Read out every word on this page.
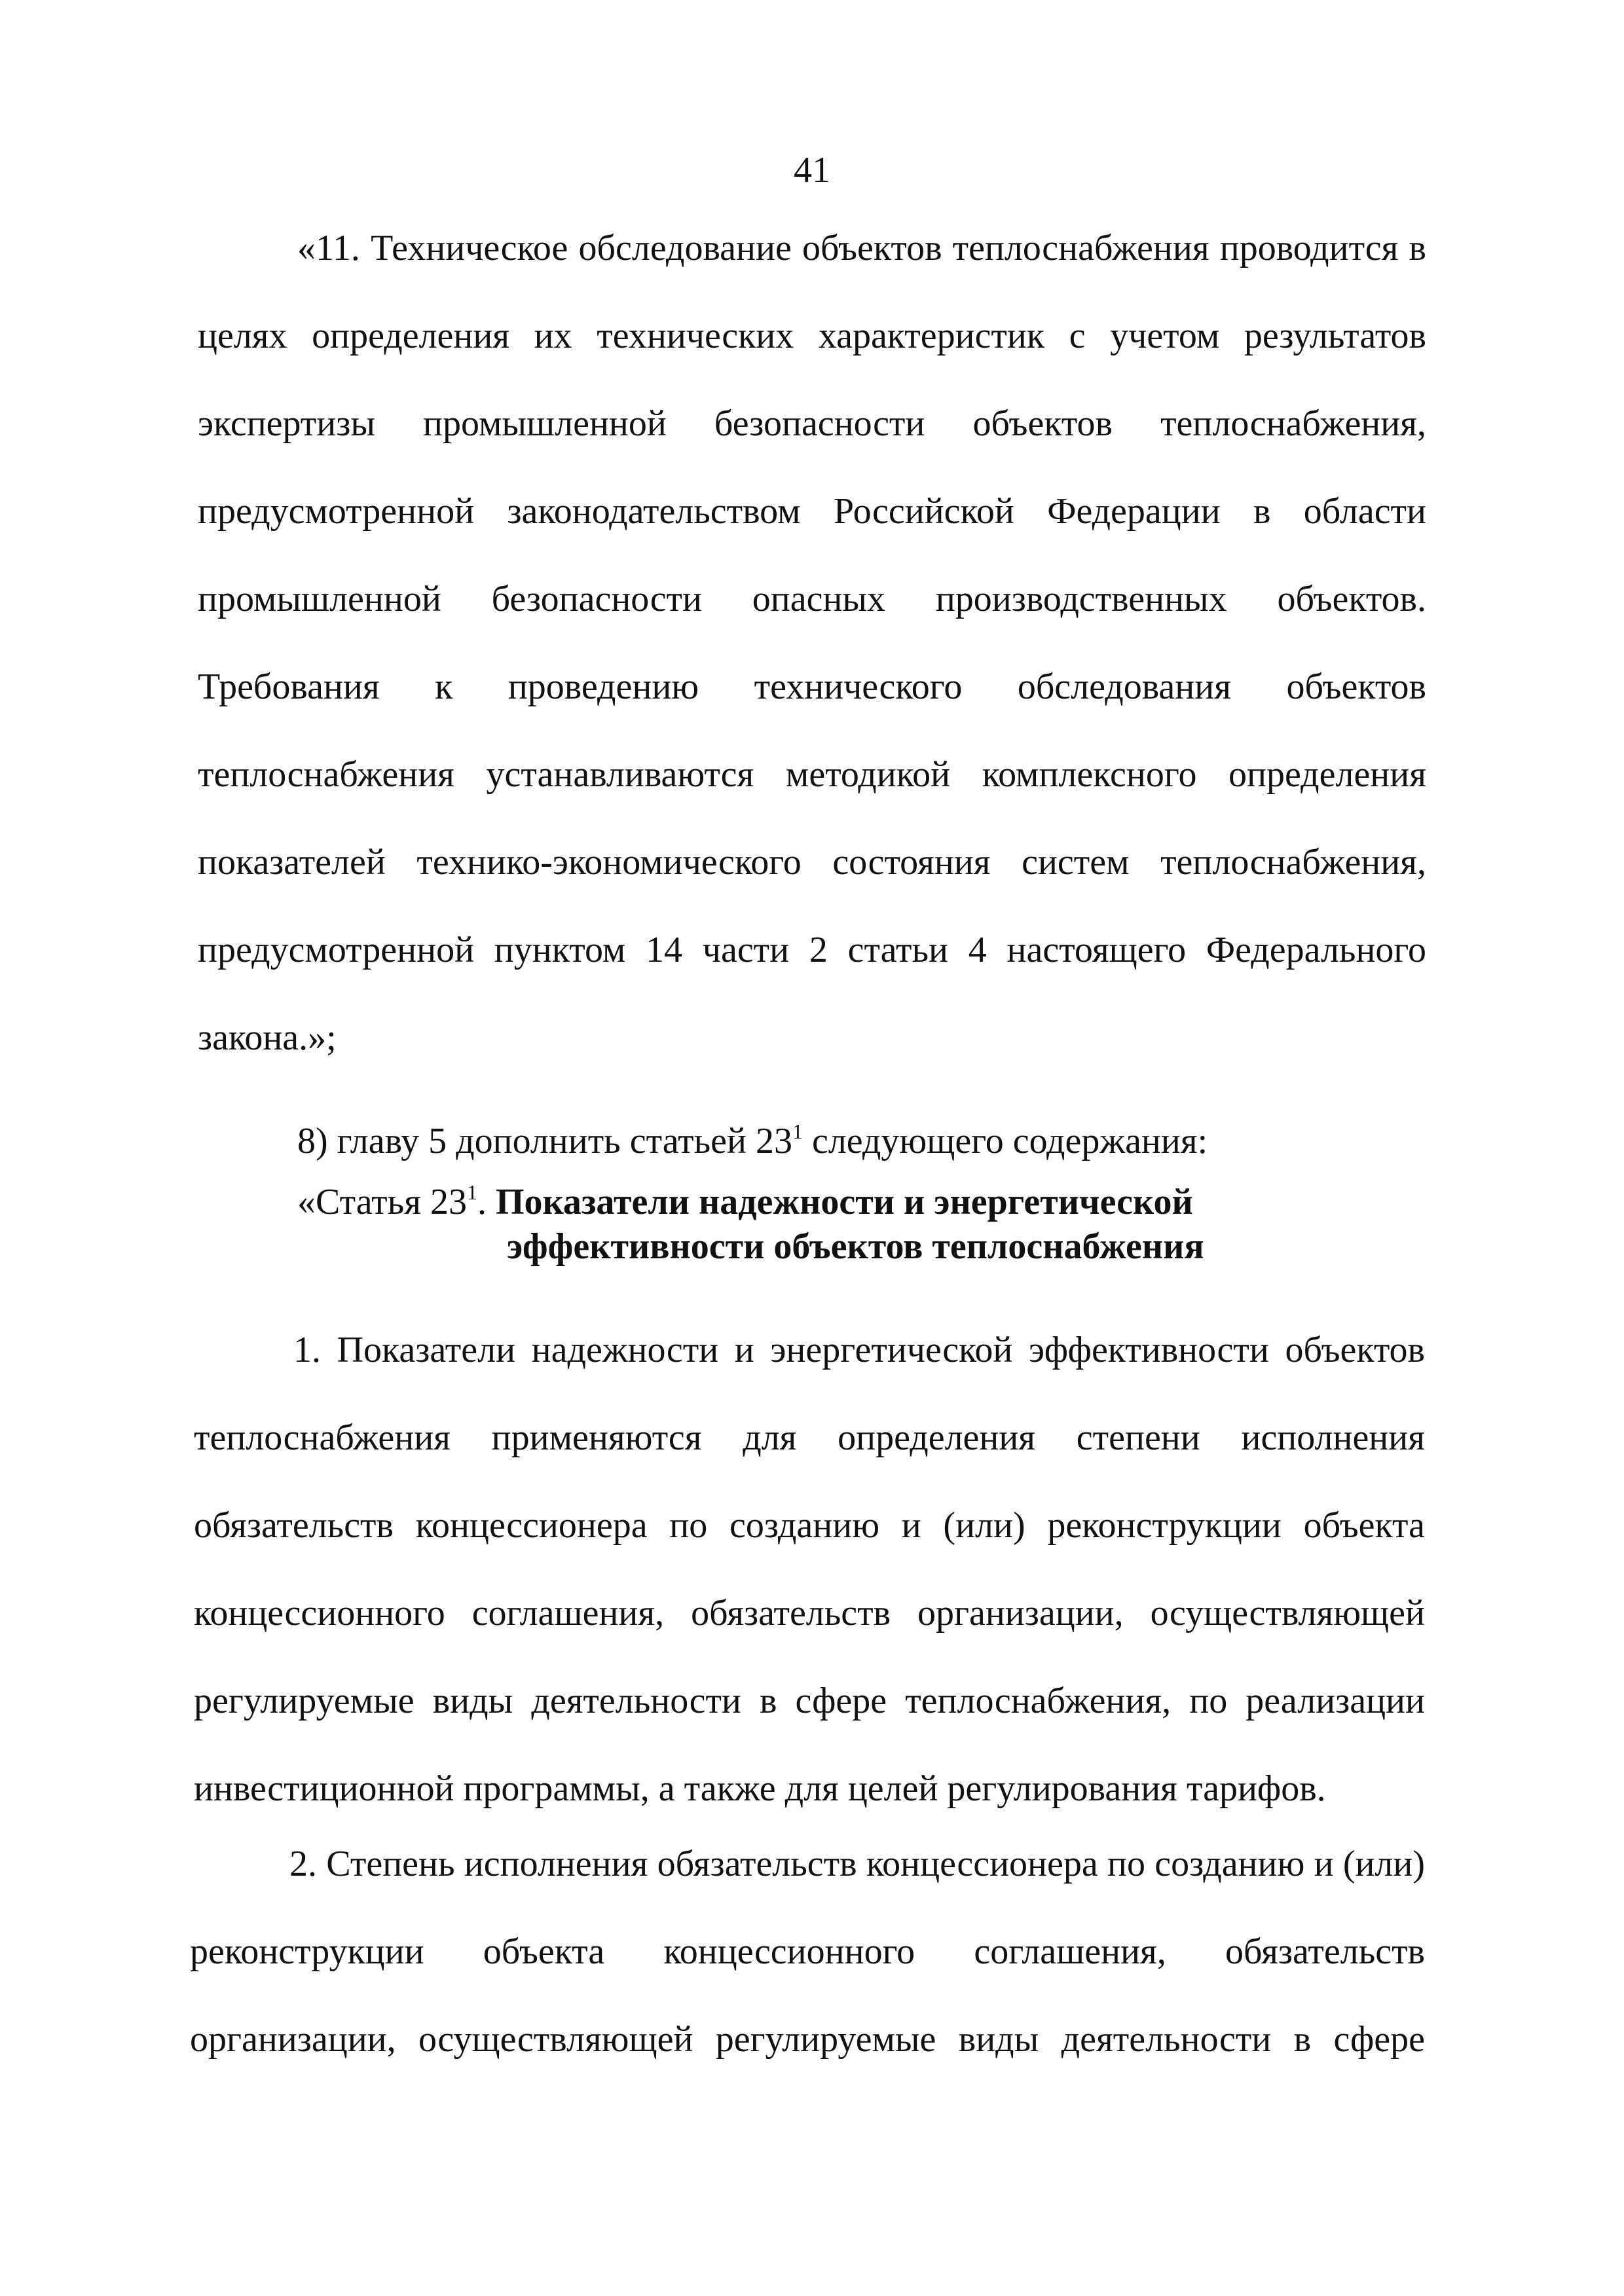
41

«11. Техническое обследование объектов теплоснабжения проводится в целях определения их технических характеристик с учетом результатов экспертизы промышленной безопасности объектов теплоснабжения, предусмотренной законодательством Российской Федерации в области промышленной безопасности опасных производственных объектов. Требования к проведению технического обследования объектов теплоснабжения устанавливаются методикой комплексного определения показателей технико-экономического состояния систем теплоснабжения, предусмотренной пунктом 14 части 2 статьи 4 настоящего Федерального закона.»;

8) главу 5 дополнить статьей $23^1$ следующего содержания:

«Статья $23^1$. Показатели надежности и энергетической
эффективности объектов теплоснабжения

1. Показатели надежности и энергетической эффективности объектов теплоснабжения применяются для определения степени исполнения обязательств концессионера по созданию и (или) реконструкции объекта концессионного соглашения, обязательств организации, осуществляющей регулируемые виды деятельности в сфере теплоснабжения, по реализации инвестиционной программы, а также для целей регулирования тарифов.

2. Степень исполнения обязательств концессионера по созданию и (или) реконструкции объекта концессионного соглашения, обязательств организации, осуществляющей регулируемые виды деятельности в сфере
